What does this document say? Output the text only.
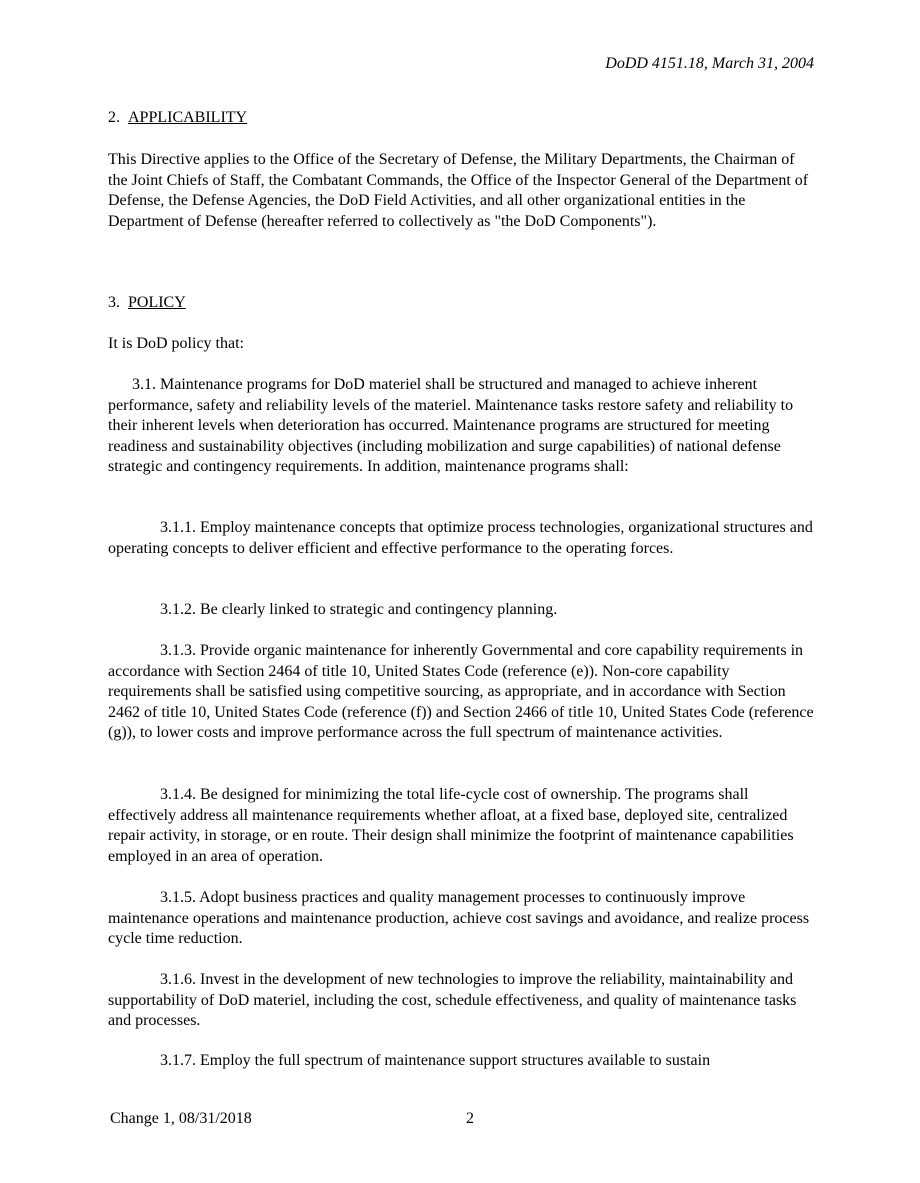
DoDD 4151.18, March 31, 2004

2. APPLICABILITY

This Directive applies to the Office of the Secretary of Defense, the Military Departments, the Chairman of the Joint Chiefs of Staff, the Combatant Commands, the Office of the Inspector General of the Department of Defense, the Defense Agencies, the DoD Field Activities, and all other organizational entities in the Department of Defense (hereafter referred to collectively as "the DoD Components").

3. POLICY

It is DoD policy that:

3.1. Maintenance programs for DoD materiel shall be structured and managed to achieve inherent performance, safety and reliability levels of the materiel. Maintenance tasks restore safety and reliability to their inherent levels when deterioration has occurred. Maintenance programs are structured for meeting readiness and sustainability objectives (including mobilization and surge capabilities) of national defense strategic and contingency requirements. In addition, maintenance programs shall:

3.1.1. Employ maintenance concepts that optimize process technologies, organizational structures and operating concepts to deliver efficient and effective performance to the operating forces.

3.1.2. Be clearly linked to strategic and contingency planning.

3.1.3. Provide organic maintenance for inherently Governmental and core capability requirements in accordance with Section 2464 of title 10, United States Code (reference (e)). Non-core capability requirements shall be satisfied using competitive sourcing, as appropriate, and in accordance with Section 2462 of title 10, United States Code (reference (f)) and Section 2466 of title 10, United States Code (reference (g)), to lower costs and improve performance across the full spectrum of maintenance activities.

3.1.4. Be designed for minimizing the total life-cycle cost of ownership. The programs shall effectively address all maintenance requirements whether afloat, at a fixed base, deployed site, centralized repair activity, in storage, or en route. Their design shall minimize the footprint of maintenance capabilities employed in an area of operation.

3.1.5. Adopt business practices and quality management processes to continuously improve maintenance operations and maintenance production, achieve cost savings and avoidance, and realize process cycle time reduction.

3.1.6. Invest in the development of new technologies to improve the reliability, maintainability and supportability of DoD materiel, including the cost, schedule effectiveness, and quality of maintenance tasks and processes.

3.1.7. Employ the full spectrum of maintenance support structures available to sustain

Change 1, 08/31/2018	2
